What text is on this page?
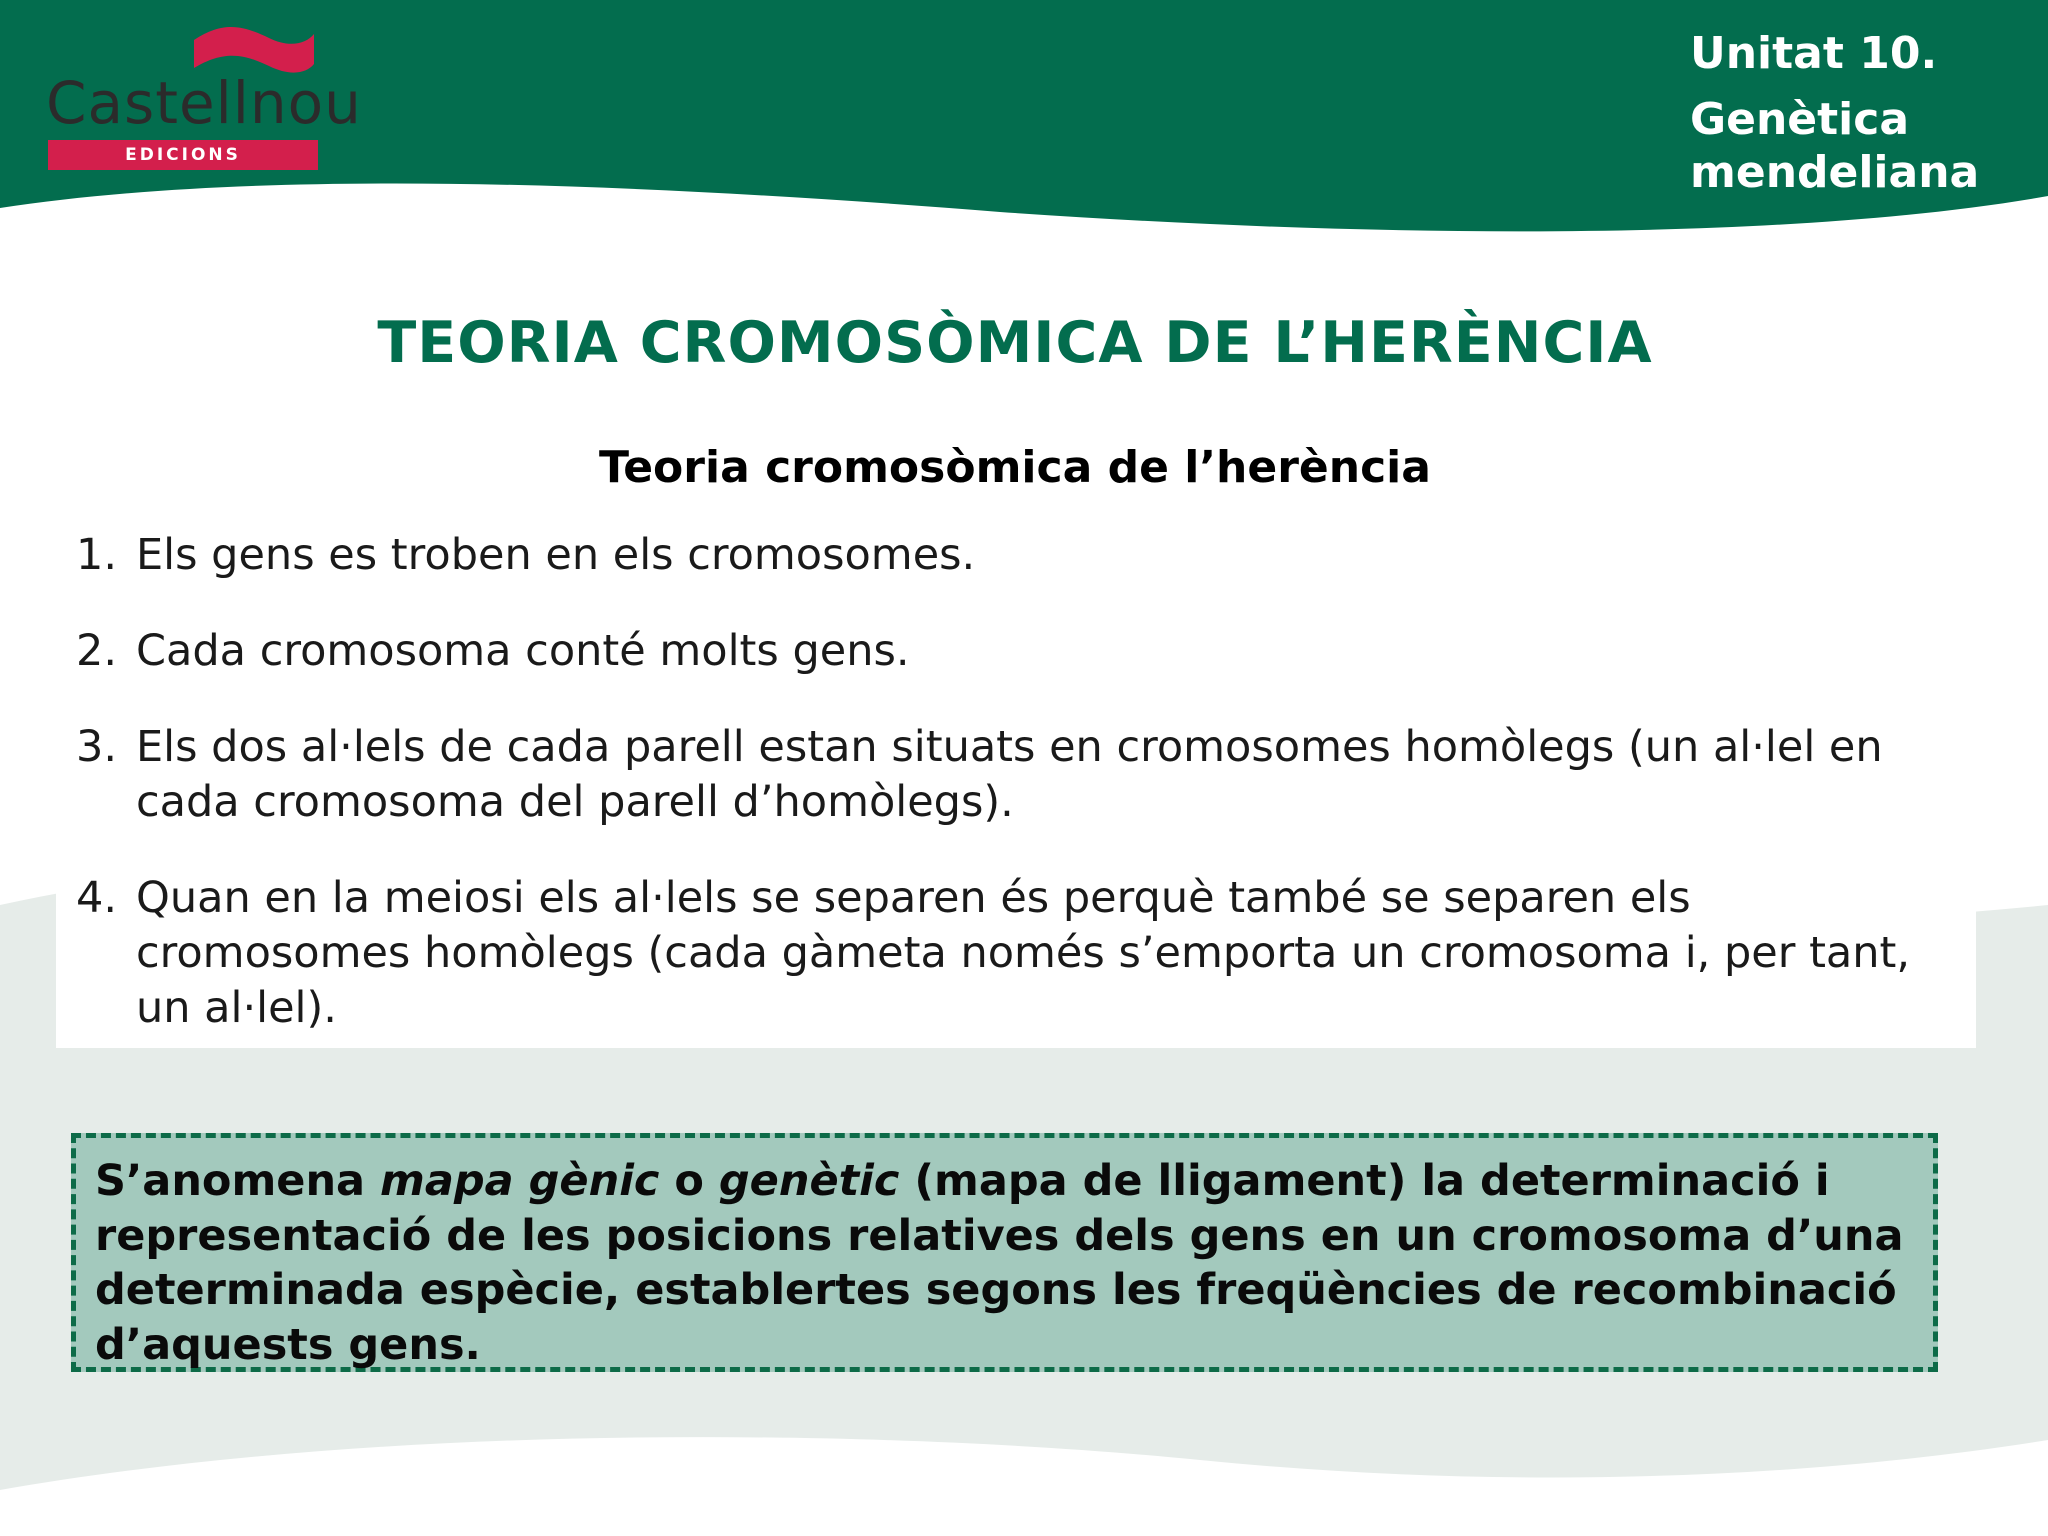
Castellnou
EDICIONS
Unitat 10.
Genètica mendeliana
TEORIA CROMOSÒMICA DE L’HERÈNCIA
Teoria cromosòmica de l’herència
1. Els gens es troben en els cromosomes.
2. Cada cromosoma conté molts gens.
3. Els dos al·lels de cada parell estan situats en cromosomes homòlegs (un al·lel en cada cromosoma del parell d’homòlegs).
4. Quan en la meiosi els al·lels se separen és perquè també se separen els cromosomes homòlegs (cada gàmeta només s’emporta un cromosoma i, per tant, un al·lel).
S’anomena mapa gènic o genètic (mapa de lligament) la determinació i representació de les posicions relatives dels gens en un cromosoma d’una determinada espècie, establertes segons les freqüències de recombinació d’aquests gens.
